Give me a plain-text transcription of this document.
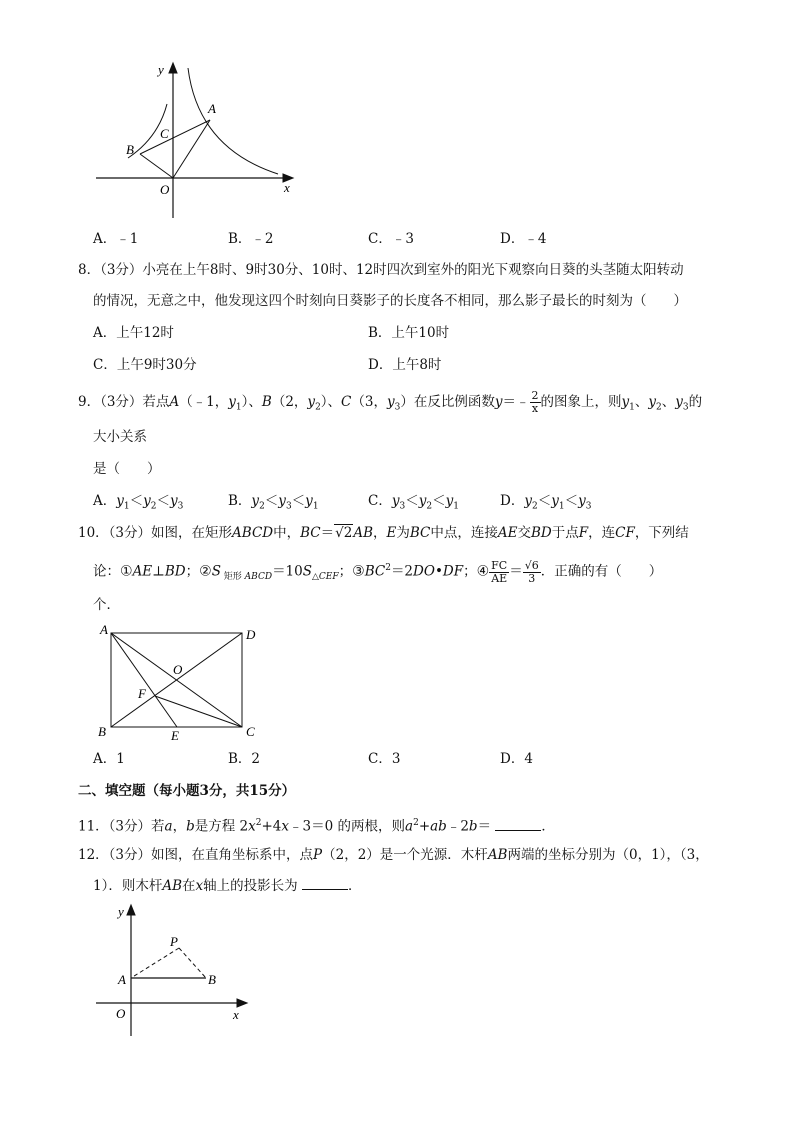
y
x
A
B
C
O
A．﹣1	B．﹣2	C．﹣3	D．﹣4
8．（3分）小亮在上午8时、9时30分、10时、12时四次到室外的阳光下观察向日葵的头茎随太阳转动
的情况，无意之中，他发现这四个时刻向日葵影子的长度各不相同，那么影子最长的时刻为（　　）
A．上午12时	B．上午10时
C．上午9时30分	D．上午8时
9．（3分）若点A（﹣1，$y_1$）、B（2，$y_2$）、C（3，$y_3$）在反比例函数y＝﹣ $\frac{2}{x}$ 的图象上，则$y_1$、$y_2$、$y_3$的
大小关系
是（　　）
A．$y_1<y_2<y_3$	B．$y_2<y_3<y_1$	C．$y_3<y_2<y_1$	D．$y_2<y_1<y_3$
10．（3分）如图，在矩形ABCD中，BC＝√2AB，E为BC中点，连接AE交BD于点F，连CF，下列结
论：①AE⊥BD；②S $_{矩形 ABCD}=10S_{\triangle CEF}$；$③BC^2=2DO•DF$；④ $\frac{FC}{AE} = \frac{√6}{3}$ ．正确的有（　　）
个．
A	D
O
F
B	E	C
A．1	B．2	C．3	D．4
二、填空题（每小题3分，共15分）
11．（3分）若a，b是方程 $2x^2+4x﹣3=0$ 的两根，则$a^2+ab﹣2b=$	．
12．（3分）如图，在直角坐标系中，点P（2，2）是一个光源．木杆AB两端的坐标分别为（0，1），（3，
1）．则木杆AB在x轴上的投影长为	．
y
x
P
A	B
O
